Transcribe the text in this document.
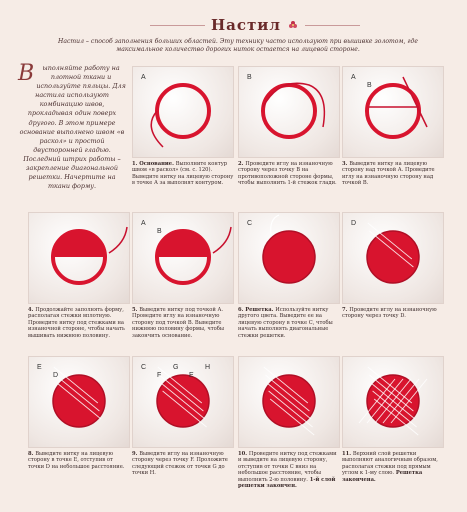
Настил
Настил – способ заполнения больших областей. Эту технику часто используют при вышивке золотом, где максимальное количество дорогих ниток остается на лицевой стороне.
В ыполняйте работу на плотной ткани и используйте пяльцы. Для настила используют комбинацию швов, прокладывая один поверх другого. В этом примере основание выполнено швом «в раскол» и простой двусторонней гладью. Последний штрих работы – закрепление диагональной решетки. Начертите на ткани форму.
A
1. Основание. Выполните контур швом «в раскол» (см. с. 120). Выведите нитку на лицевую сторону в точке А за выполнят контуром.
B
2. Проведите иглу на изнаночную сторону через точку В на противоположной стороне формы, чтобы выполнить 1-й стежок глади.
A
B
3. Выведите нитку на лицевую сторону над точкой А. Проведите иглу на изнаночную сторону над точкой В.
4. Продолжайте заполнять форму, располагая стежки вплотную. Проведите нитку под стежками на изнаночной стороне, чтобы начать вышивать нижнюю половину.
A
B
5. Выведите нитку под точкой А. Проведите иглу на изнаночную сторону под точкой В. Выведите нижнюю половину формы, чтобы закончить основание.
C
6. Решетка. Используйте нитку другого цвета. Выведите ее на лицевую сторону в точке С, чтобы начать выполнять диагональные стежки решетки.
D
7. Проведите иглу на изнаночную сторону через точку D.
E
D
8. Выведите нитку на лицевую сторону в точке E, отступив от точки D на небольшое расстояние.
C
F
G
E
H
9. Выведите иглу на изнаночную сторону через точку F. Проложите следующий стежок от точки G до точки H.
10. Проведите нитку под стежками и выведите на лицевую сторону, отступив от точки С вниз на небольшое расстояние, чтобы выполнить 2-ю половину. 1-й слой решетки закончен.
11. Верхний слой решетки выполняют аналогичным образом, располагая стежки под прямым углом к 1-му слою. Решетка закончена.
